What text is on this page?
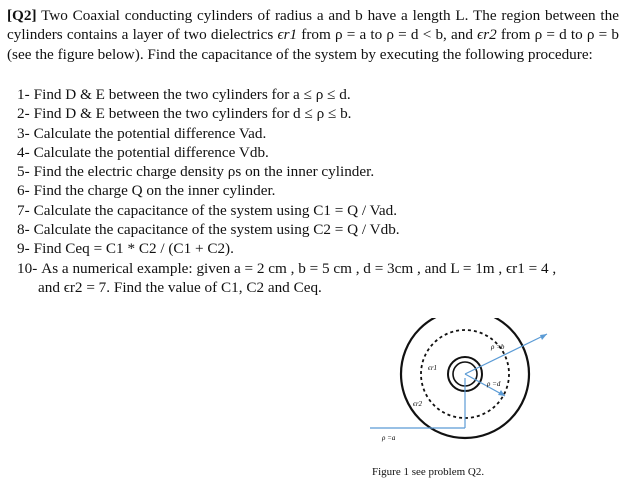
[Q2] Two Coaxial conducting cylinders of radius a and b have a length L. The region between the cylinders contains a layer of two dielectrics ϵr1 from ρ = a to ρ = d < b, and ϵr2 from ρ = d to ρ = b (see the figure below). Find the capacitance of the system by executing the following procedure:
1- Find D & E between the two cylinders for a ≤ ρ ≤ d.
2- Find D & E between the two cylinders for d ≤ ρ ≤ b.
3- Calculate the potential difference Vad.
4- Calculate the potential difference Vdb.
5- Find the electric charge density ρs on the inner cylinder.
6- Find the charge Q on the inner cylinder.
7- Calculate the capacitance of the system using C1 = Q / Vad.
8- Calculate the capacitance of the system using C2 = Q / Vdb.
9- Find Ceq = C1 * C2 / (C1 + C2).
10- As a numerical example: given a = 2 cm , b = 5 cm , d = 3cm , and L = 1m , ϵr1 = 4 ,
and ϵr2 = 7. Find the value of C1, C2 and Ceq.
ρ =b
ρ =d
ϵr1
ϵr2
ρ =a
Figure 1 see problem Q2.
